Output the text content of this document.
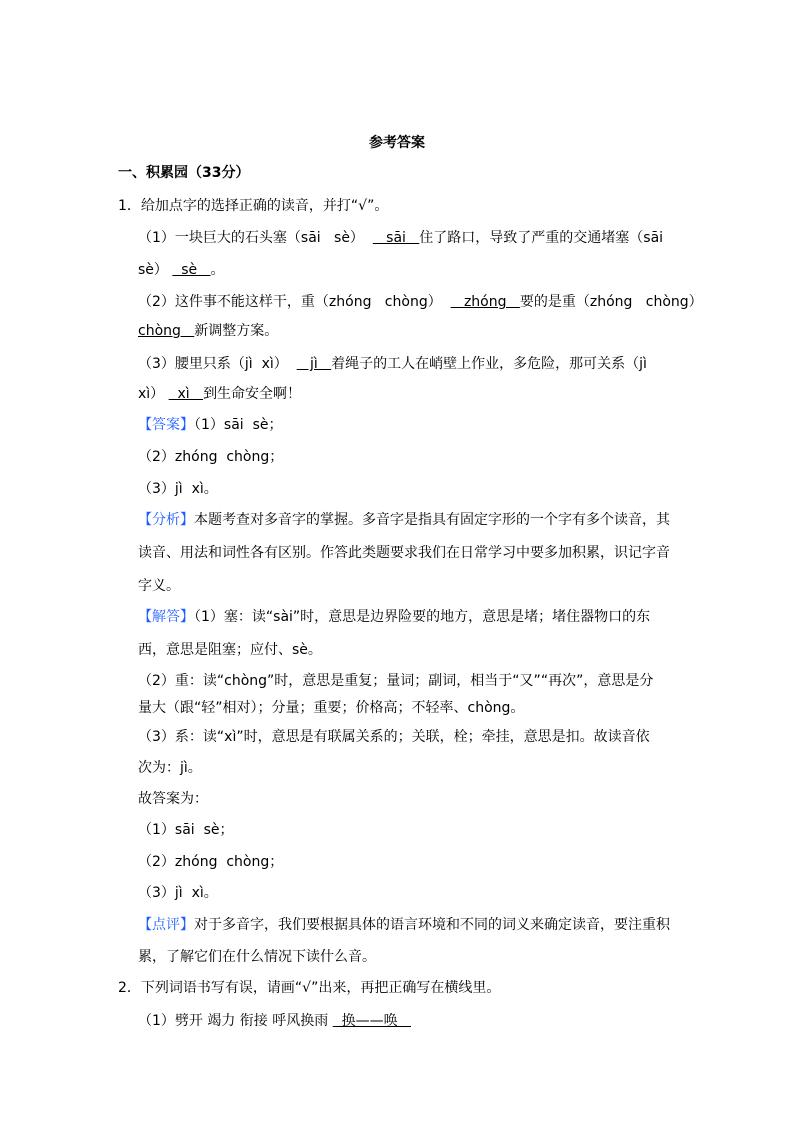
参考答案
一、积累园（33分）
1．给加点字的选择正确的读音，并打“√”。
（1）一块巨大的石头塞（sāi   sè）     sāi   住了路口，导致了严重的交通堵塞（sāi
sè）   sè   。
（2）这件事不能这样干，重（zhóng   chòng）     zhóng   要的是重（zhóng   chòng）
chòng   新调整方案。
（3）腰里只系（jì  xì）     jì   着绳子的工人在峭壁上作业，多危险，那可关系（jì
xì）   xì   到生命安全啊！
【答案】（1）sāi  sè；
（2）zhóng  chòng；
（3）jì  xì。
【分析】本题考查对多音字的掌握。多音字是指具有固定字形的一个字有多个读音，其
读音、用法和词性各有区别。作答此类题要求我们在日常学习中要多加积累，识记字音
字义。
【解答】（1）塞：读“sài”时，意思是边界险要的地方，意思是堵；堵住器物口的东
西，意思是阻塞；应付、sè。
（2）重：读“chòng”时，意思是重复；量词；副词，相当于“又”“再次”，意思是分
量大（跟“轻”相对）；分量；重要；价格高；不轻率、chòng。
（3）系：读“xì”时，意思是有联属关系的；关联，栓；牵挂，意思是扣。故读音依
次为：jì。
故答案为：
（1）sāi  sè；
（2）zhóng  chòng；
（3）jì  xì。
【点评】对于多音字，我们要根据具体的语言环境和不同的词义来确定读音，要注重积
累，了解它们在什么情况下读什么音。
2．下列词语书写有误，请画“√”出来，再把正确写在横线里。
（1）劈开 竭力 衔接 呼风换雨   换——唤
